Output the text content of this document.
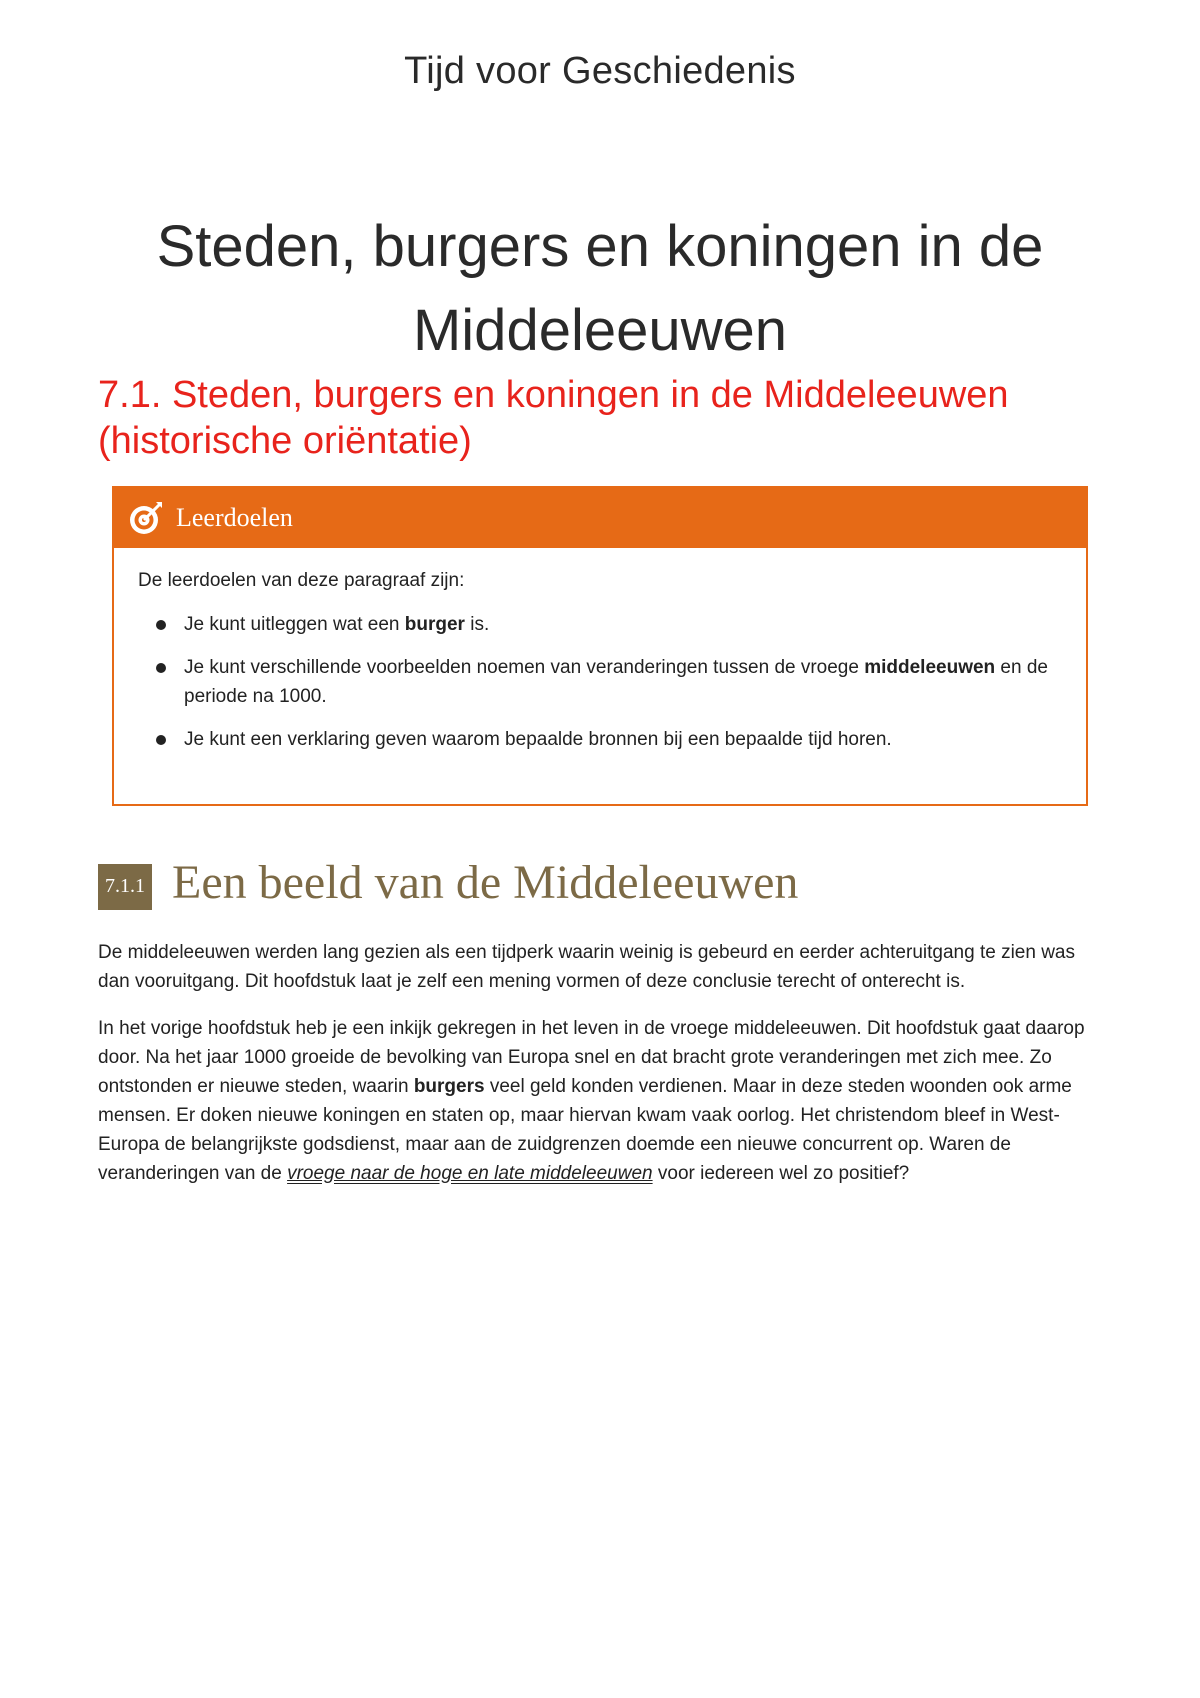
Tijd voor Geschiedenis
Steden, burgers en koningen in de Middeleeuwen
7.1. Steden, burgers en koningen in de Middeleeuwen (historische oriëntatie)
Leerdoelen

De leerdoelen van deze paragraaf zijn:

Je kunt uitleggen wat een burger is.
Je kunt verschillende voorbeelden noemen van veranderingen tussen de vroege middeleeuwen en de periode na 1000.
Je kunt een verklaring geven waarom bepaalde bronnen bij een bepaalde tijd horen.
7.1.1 Een beeld van de Middeleeuwen

De middeleeuwen werden lang gezien als een tijdperk waarin weinig is gebeurd en eerder achteruitgang te zien was dan vooruitgang. Dit hoofdstuk laat je zelf een mening vormen of deze conclusie terecht of onterecht is.

In het vorige hoofdstuk heb je een inkijk gekregen in het leven in de vroege middeleeuwen. Dit hoofdstuk gaat daarop door. Na het jaar 1000 groeide de bevolking van Europa snel en dat bracht grote veranderingen met zich mee. Zo ontstonden er nieuwe steden, waarin burgers veel geld konden verdienen. Maar in deze steden woonden ook arme mensen. Er doken nieuwe koningen en staten op, maar hiervan kwam vaak oorlog. Het christendom bleef in West-Europa de belangrijkste godsdienst, maar aan de zuidgrenzen doemde een nieuwe concurrent op. Waren de veranderingen van de vroege naar de hoge en late middeleeuwen voor iedereen wel zo positief?
